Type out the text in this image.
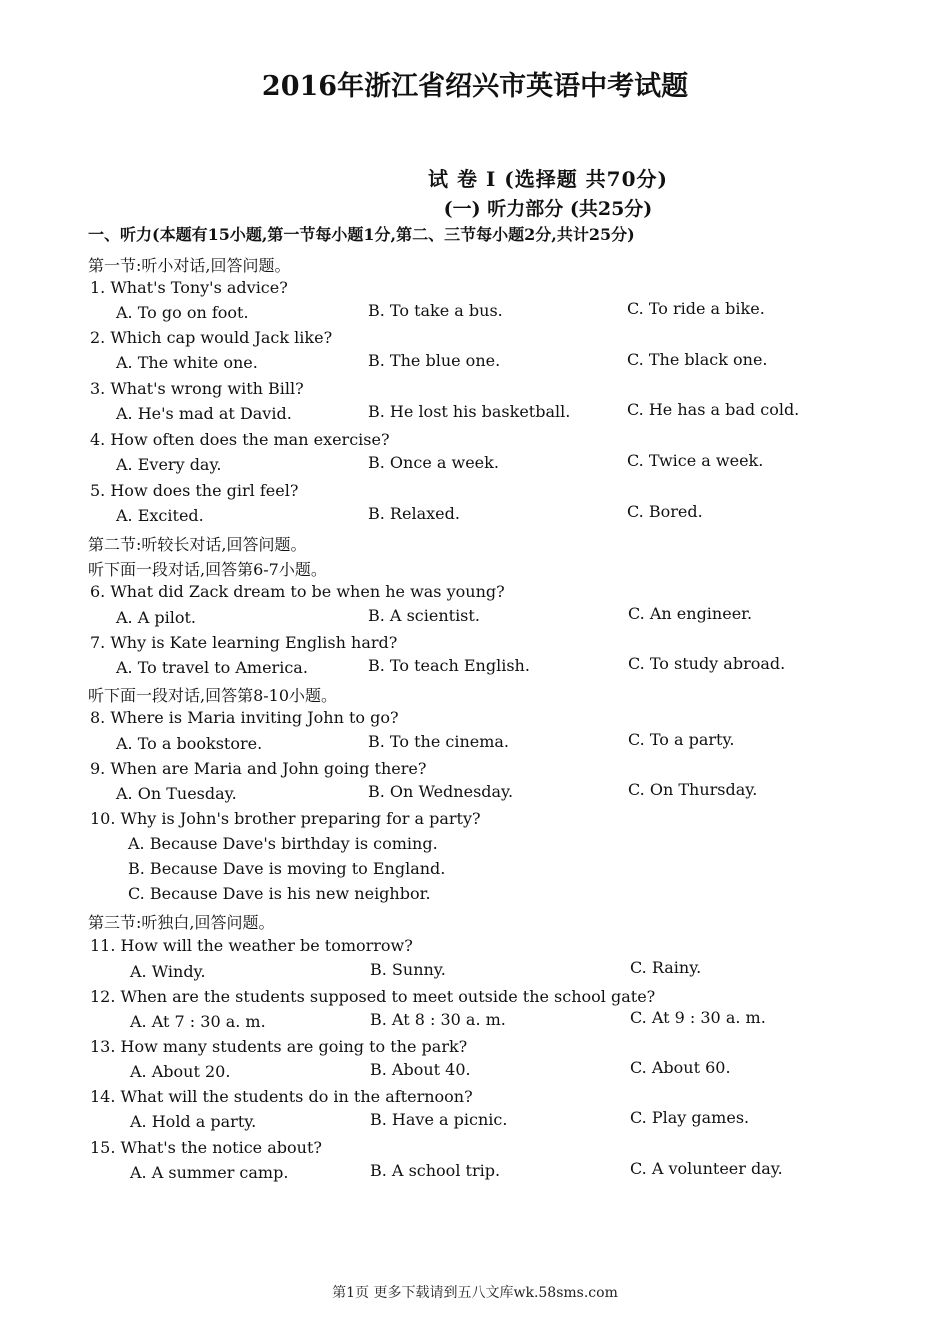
2016年浙江省绍兴市英语中考试题
试 卷 Ⅰ (选择题 共70分)
(一) 听力部分 (共25分)
一、听力(本题有15小题,第一节每小题1分,第二、三节每小题2分,共计25分)
第一节:听小对话,回答问题。
1. What's Tony's advice?
A. To go on foot.	B. To take a bus.	C. To ride a bike.
2. Which cap would Jack like?
A. The white one.	B. The blue one.	C. The black one.
3. What's wrong with Bill?
A. He's mad at David.	B. He lost his basketball.	C. He has a bad cold.
4. How often does the man exercise?
A. Every day.	B. Once a week.	C. Twice a week.
5. How does the girl feel?
A. Excited.	B. Relaxed.	C. Bored.
第二节:听较长对话,回答问题。
听下面一段对话,回答第6-7小题。
6. What did Zack dream to be when he was young?
A. A pilot.	B. A scientist.	C. An engineer.
7. Why is Kate learning English hard?
A. To travel to America.	B. To teach English.	C. To study abroad.
听下面一段对话,回答第8-10小题。
8. Where is Maria inviting John to go?
A. To a bookstore.	B. To the cinema.	C. To a party.
9. When are Maria and John going there?
A. On Tuesday.	B. On Wednesday.	C. On Thursday.
10. Why is John's brother preparing for a party?
A. Because Dave's birthday is coming.
B. Because Dave is moving to England.
C. Because Dave is his new neighbor.
第三节:听独白,回答问题。
11. How will the weather be tomorrow?
A. Windy.	B. Sunny.	C. Rainy.
12. When are the students supposed to meet outside the school gate?
A. At 7 : 30 a. m.	B. At 8 : 30 a. m.	C. At 9 : 30 a. m.
13. How many students are going to the park?
A. About 20.	B. About 40.	C. About 60.
14. What will the students do in the afternoon?
A. Hold a party.	B. Have a picnic.	C. Play games.
15. What's the notice about?
A. A summer camp.	B. A school trip.	C. A volunteer day.
第1页 更多下载请到五八文库wk.58sms.com
